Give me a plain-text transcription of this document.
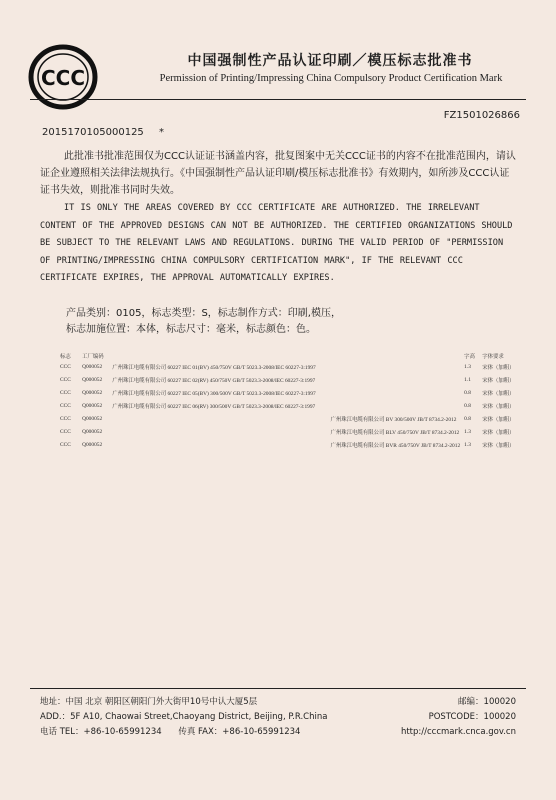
CCC
中国强制性产品认证印刷／模压标志批准书
Permission of Printing/Impressing China Compulsory Product Certification Mark
FZ1501026866
2015170105000125 *
此批准书批准范围仅为CCC认证证书涵盖内容，批复图案中无关CCC证书的内容不在批准范围内，请认证企业遵照相关法律法规执行。《中国强制性产品认证印刷/模压标志批准书》有效期内，如所涉及CCC认证证书失效，则批准书同时失效。
IT IS ONLY THE AREAS COVERED BY CCC CERTIFICATE ARE AUTHORIZED. THE IRRELEVANT CONTENT OF THE APPROVED DESIGNS CAN NOT BE AUTHORIZED. THE CERTIFIED ORGANIZATIONS SHOULD BE SUBJECT TO THE RELEVANT LAWS AND REGULATIONS. DURING THE VALID PERIOD OF "PERMISSION OF PRINTING/IMPRESSING CHINA COMPULSORY CERTIFICATION MARK", IF THE RELEVANT CCC CERTIFICATE EXPIRES, THE APPROVAL AUTOMATICALLY EXPIRES.
产品类别：0105，标志类型：S，标志制作方式：印刷,模压，
标志加施位置：本体，标志尺寸：毫米，标志颜色：色。
标志	工厂编码			字高	字体要求
CCC	Q000052	广州珠江电缆有限公司 60227 IEC 01(BV) 450/750V GB/T 5023.3-2008/IEC 60227-3:1997		1.3	宋体（加粗）
CCC	Q000052	广州珠江电缆有限公司 60227 IEC 02(RV) 450/750V GB/T 5023.3-2008/IEC 60227-3:1997		1.1	宋体（加粗）
CCC	Q000052	广州珠江电缆有限公司 60227 IEC 05(BV) 300/500V GB/T 5023.3-2008/IEC 60227-3:1997		0.8	宋体（加粗）
CCC	Q000052	广州珠江电缆有限公司 60227 IEC 06(RV) 300/500V GB/T 5023.3-2008/IEC 60227-3:1997		0.8	宋体（加粗）
CCC	Q000052		广州珠江电缆有限公司 BV 300/500V JB/T 8734.2-2012	0.8	宋体（加粗）
CCC	Q000052		广州珠江电缆有限公司 BLV 450/750V JB/T 8734.2-2012	1.3	宋体（加粗）
CCC	Q000052		广州珠江电缆有限公司 BVR 450/750V JB/T 8734.2-2012	1.3	宋体（加粗）
地址：中国 北京 朝阳区朝阳门外大街甲10号中认大厦5层	邮编：100020
ADD.：5F A10, Chaowai Street,Chaoyang District, Beijing, P.R.China	POSTCODE：100020
电话 TEL：+86-10-65991234 传真 FAX：+86-10-65991234	http://cccmark.cnca.gov.cn
